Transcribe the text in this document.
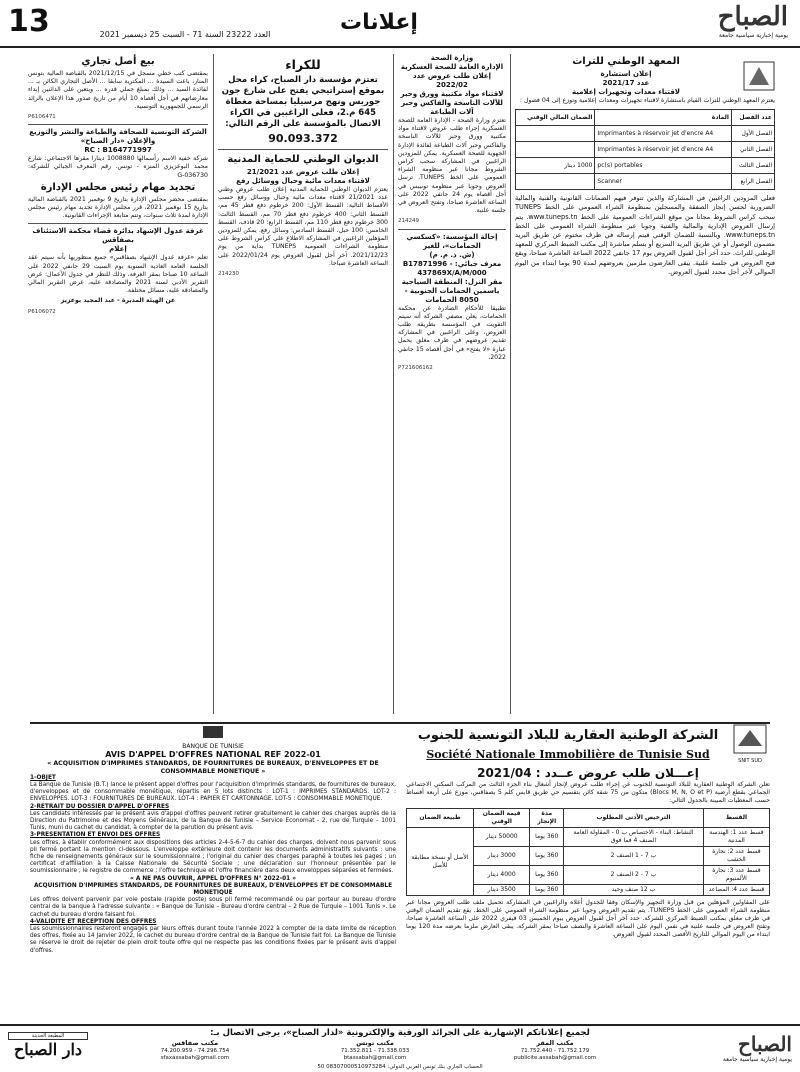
13	العدد 23222 السنة 71 - السبت 25 ديسمبر 2021	إعلانات	الصباح
يومية إخبارية سياسية جامعة
بيع أصل تجاري

بمقتضى كتب خطي مسجل في 2021/12/15 بالقباضة المالية بتونس المنار، باعت السيدة ... المكترية سابقا ... الأصل التجاري الكائن بـ ... لفائدة السيد ... وذلك بمبلغ جملي قدره ... ويتعين على الدائنين إبداء معارضاتهم في أجل أقصاه 10 أيام من تاريخ صدور هذا الإعلان بالرائد الرسمي للجمهورية التونسية.

P6106471
الشركة التونسية للصحافة والطباعة والنشر والتوزيع والإعلان «دار الصباح»
RC : B164771997

شركة خفية الاسم رأسمالها 1008880 دينارا مقرها الاجتماعي: شارع محمد البوعزيزي المنزه - تونس. رقم المعرف الجبائي للشركة: 036730-G

تجديد مهام رئيس مجلس الإدارة

بمقتضى محضر مجلس الإدارة بتاريخ 9 نوفمبر 2021 بالقباضة المالية بتاريخ 15 نوفمبر 2021، قرر مجلس الإدارة تجديد مهام رئيس مجلس الإدارة لمدة ثلاث سنوات، وتتم متابعة الإجراءات القانونية.

غرفة عدول الإشهاد بدائرة قضاء محكمة الاستئناف بصفاقس
إعلام

تعلم «غرفة عدول الإشهاد بصفاقس» جميع منظوريها بأنه سيتم عقد الجلسة العامة العادية السنوية يوم السبت 29 جانفي 2022 على الساعة 10 صباحا بمقر الغرفة، وذلك للنظر في جدول الأعمال: عرض التقرير الأدبي لسنة 2021 والمصادقة عليه، عرض التقرير المالي والمصادقة عليه، مسائل مختلفة.

عن الهيئة المديرة - عبد المجيد بوعزيز

P6106072
للكراء

تعتزم مؤسسة دار الصباح، كراء محل بموقع إستراتيجي يفتح على شارع جون جوريس ونهج مرسيليا بمساحة مغطاة 645 م.2، فعلى الراغبين في الكراء الاتصال بالمؤسسة على الرقم التالي:

90.093.372

الديوان الوطني للحماية المدنية
إعلان طلب عروض عدد 21/2021
لاقتناء معدات مائية وحبال ووسائل رفع

يعتزم الديوان الوطني للحماية المدنية إعلان طلب عروض وطني عدد 21/2021 لاقتناء معدات مائية وحبال ووسائل رفع حسب الأقساط التالية: القسط الأول: 200 خرطوم دفع قطر 45 مم، القسط الثاني: 400 خرطوم دفع قطر 70 مم، القسط الثالث: 300 خرطوم دفع قطر 110 مم، القسط الرابع: 20 قاذف، القسط الخامس: 100 حبل، القسط السادس: وسائل رفع. يمكن للمزودين المؤهلين الراغبين في المشاركة الاطلاع على كراس الشروط على منظومة الشراءات العمومية TUNEPS بداية من يوم 2021/12/23. آخر أجل لقبول العروض يوم 2022/01/24 على الساعة العاشرة صباحا.

214230
وزارة الصحة
الإدارة العامة للصحة العسكرية
إعلان طلب عروض عدد 2022/02
لاقتناء مواد مكتبية وورق وحبر للآلات الناسخة والفاكس وحبر آلات الطباعة

تعتزم وزارة الصحة - الإدارة العامة للصحة العسكرية إجراء طلب عروض لاقتناء مواد مكتبية وورق وحبر للآلات الناسخة والفاكس وحبر آلات الطباعة لفائدة الإدارة الجهوية للصحة العسكرية. يمكن للمزودين الراغبين في المشاركة سحب كراس الشروط مجانا عبر منظومة الشراء العمومي على الخط TUNEPS. ترسل العروض وجوبا عبر منظومة تونيبس في أجل أقصاه يوم 24 جانفي 2022 على الساعة العاشرة صباحا، وتفتح العروض في جلسة علنية.

214249
إحالة المؤسسة: «كسكسي الحمامات»، للغير
(ش. ذ. م. م)
معرف جبائي: B17871996 - 437869X/A/M/000
مقر النزل: المنطقة السياحية ياسمين الحمامات الجنوبية - 8050 الحمامات

تطبيقا للأحكام الصادرة عن محكمة الحمامات، يعلن مصفي الشركة أنه سيتم التفويت في المؤسسة بطريقة طلب العروض، وعلى الراغبين في المشاركة تقديم عروضهم في ظرف مغلق يحمل عبارة «لا يفتح» في أجل أقصاه 15 جانفي 2022.

P721606162
المعهد الوطني للتراث
إعلان استشارة
عدد 2021/17
لاقتناء معدات وتجهيزات إعلامية

يعتزم المعهد الوطني للتراث القيام باستشارة لاقتناء تجهيزات ومعدات إعلامية وتوزع إلى 04 فصول :

عدد الفصل	المادة	الضمان المالي الوقتي
الفصل الأول	Imprimantes à réservoir jet d'encre A4	
الفصل الثاني	Imprimantes à réservoir jet d'encre A4	
الفصل الثالث	pc(s) portables	1000 دينار
الفصل الرابع	Scanner	

فعلى المزودين الراغبين في المشاركة والذين تتوفر فيهم الضمانات القانونية والفنية والمالية الضرورية لحسن إنجاز الصفقة والمسجلين بمنظومة الشراء العمومي على الخط TUNEPS سحب كراس الشروط مجانا من موقع الشراءات العمومية على الخط www.tuneps.tn. يتم إرسال العروض الإدارية والمالية والفنية وجوبا عبر منظومة الشراء العمومي على الخط www.tuneps.tn. وبالنسبة للضمان الوقتي فيتم إرساله في ظرف مختوم عن طريق البريد مضمون الوصول أو عن طريق البريد السريع أو يسلم مباشرة إلى مكتب الضبط المركزي للمعهد الوطني للتراث. حدد آخر أجل لقبول العروض يوم 17 جانفي 2022 الساعة العاشرة صباحا، ويقع فتح العروض في جلسة علنية. يبقى العارضون ملزمين بعروضهم لمدة 90 يوما ابتداء من اليوم الموالي لآخر أجل محدد لقبول العروض.

BANQUE DE TUNISIE
AVIS D'APPEL D'OFFRES NATIONAL REF 2022-01
« ACQUISITION D'IMPRIMES STANDARDS, DE FOURNITURES DE BUREAUX, D'ENVELOPPES ET DE CONSOMMABLE MONETIQUE »
1-OBJET
La Banque de Tunisie (B.T.) lance le présent appel d'offres pour l'acquisition d'imprimés standards, de fournitures de bureaux, d'enveloppes et de consommable monétique, répartis en 5 lots distincts : LOT-1 : IMPRIMES STANDARDS. LOT-2 : ENVELOPPES. LOT-3 : FOURNITURES DE BUREAUX. LOT-4 : PAPIER ET CARTONNAGE. LOT-5 : CONSOMMABLE MONETIQUE.
2-RETRAIT DU DOSSIER D'APPEL D'OFFRES
Les candidats intéressés par le présent avis d'appel d'offres peuvent retirer gratuitement le cahier des charges auprès de la Direction du Patrimoine et des Moyens Généraux, de la Banque de Tunisie – Service Economat - 2, rue de Turquie – 1001 Tunis, muni du cachet du candidat, à compter de la parution du présent avis.
3-PRESENTATION ET ENVOI DES OFFRES
Les offres, à établir conformément aux dispositions des articles 2-4-5-6-7 du cahier des charges, doivent nous parvenir sous pli fermé portant la mention ci-dessous. L'enveloppe extérieure doit contenir les documents administratifs suivants : une fiche de renseignements généraux sur le soumissionnaire ; l'original du cahier des charges paraphé à toutes les pages ; un certificat d'affiliation à la Caisse Nationale de Sécurité Sociale ; une déclaration sur l'honneur présentée par le soumissionnaire ; le registre de commerce ; l'offre technique et l'offre financière dans deux enveloppes séparées et fermées.
« A NE PAS OUVRIR, APPEL D'OFFRES N° 2022-01 »
ACQUISITION D'IMPRIMES STANDARDS, DE FOURNITURES DE BUREAUX, D'ENVELOPPES ET DE CONSOMMABLE MONETIQUE
Les offres doivent parvenir par voie postale (rapide poste) sous pli fermé recommandé ou par porteur au bureau d'ordre central de la banque à l'adresse suivante : « Banque de Tunisie – Bureau d'ordre central – 2 Rue de Turquie – 1001 Tunis ». Le cachet du bureau d'ordre faisant foi.
4-VALIDITE ET RECEPTION DES OFFRES
Les soumissionnaires resteront engagés par leurs offres durant toute l'année 2022 à compter de la date limite de réception des offres, fixée au 14 Janvier 2022, le cachet du bureau d'ordre central de la Banque de Tunisie fait foi. La Banque de Tunisie se réserve le droit de rejeter de plein droit toute offre qui ne respecte pas les conditions fixées par le présent avis d'appel d'offres.
SNIT SUD
الشركة الوطنية العقارية للبلاد التونسية للجنوب
Société Nationale Immobilière de Tunisie Sud
إعـــلان طلب عروض عــدد : 2021/04

تعلن الشركة الوطنية العقارية للبلاد التونسية للجنوب عن إجراء طلب عروض لإنجاز أشغال بناء الجزء الثالث من المركب السكني الاجتماعي الجماعي بقطع أرضية (Blocs M, N, O et P) متكون من 75 شقة كائن بتقسيم حي طريق قابس كلم 5 بصفاقس، موزع على أربعة أقساط حسب المعطيات المبينة بالجدول التالي:

القسط	الترخيص الأدنى المطلوب	مدة الإنجاز	قيمة الضمان الوقتي	طبيعة الضمان
قسط عدد 1: الهندسة المدنية	النشاط: البناء - الاختصاص ب 0 - المقاولة العامة الصنف 4 فما فوق	360 يوما	50000 دينار	الأصل أو نسخة مطابقة للأصل
قسط عدد 2: نجارة الخشب	ب 7 - 1 الصنف 2	360 يوما	3000 دينار	
قسط عدد 3: نجارة الألمنيوم	ب 7 - 2 الصنف 2	360 يوما	4000 دينار	
قسط عدد 4: المصاعد	ب 12 صنف وحيد	360 يوما	3500 دينار	

على المقاولين المؤهلين من قبل وزارة التجهيز والإسكان وفقا للجدول أعلاه والراغبين في المشاركة تحميل ملف طلب العروض مجانا عبر منظومة الشراء العمومي على الخط TUNEPS. يتم تقديم العروض وجوبا عبر منظومة الشراء العمومي على الخط. يقع تقديم الضمان الوقتي في ظرف مغلق بمكتب الضبط المركزي للشركة. حدد آخر أجل لقبول العروض بيوم الخميس 03 فيفري 2022 على الساعة العاشرة صباحا، وتفتح العروض في جلسة علنية في نفس اليوم على الساعة العاشرة والنصف صباحا بمقر الشركة. يبقى العارض ملزما بعرضه مدة 120 يوما ابتداء من اليوم الموالي للتاريخ الأقصى المحدد لقبول العروض.

لجميع إعلاناتكم الإشهارية على الجرائد الورقية والإلكترونية «لدار الصباح»، يرجى الاتصال بـ:
المطبعة الحديثة
دار الصباح	مكتب صفاقس
74.296.754 - 74.200.959
sfaxassabah@gmail.com
مكتب تونس
71.338.033 - 71.352.811
btassabah@gmail.com
مكتب المقر
71.752.179 - 71.752.440
publicite.assabah@gmail.com
الصباح
يومية إخبارية سياسية جامعة
الحساب الجاري بنك تونس العربي الدولي: 08307000510973284 50
